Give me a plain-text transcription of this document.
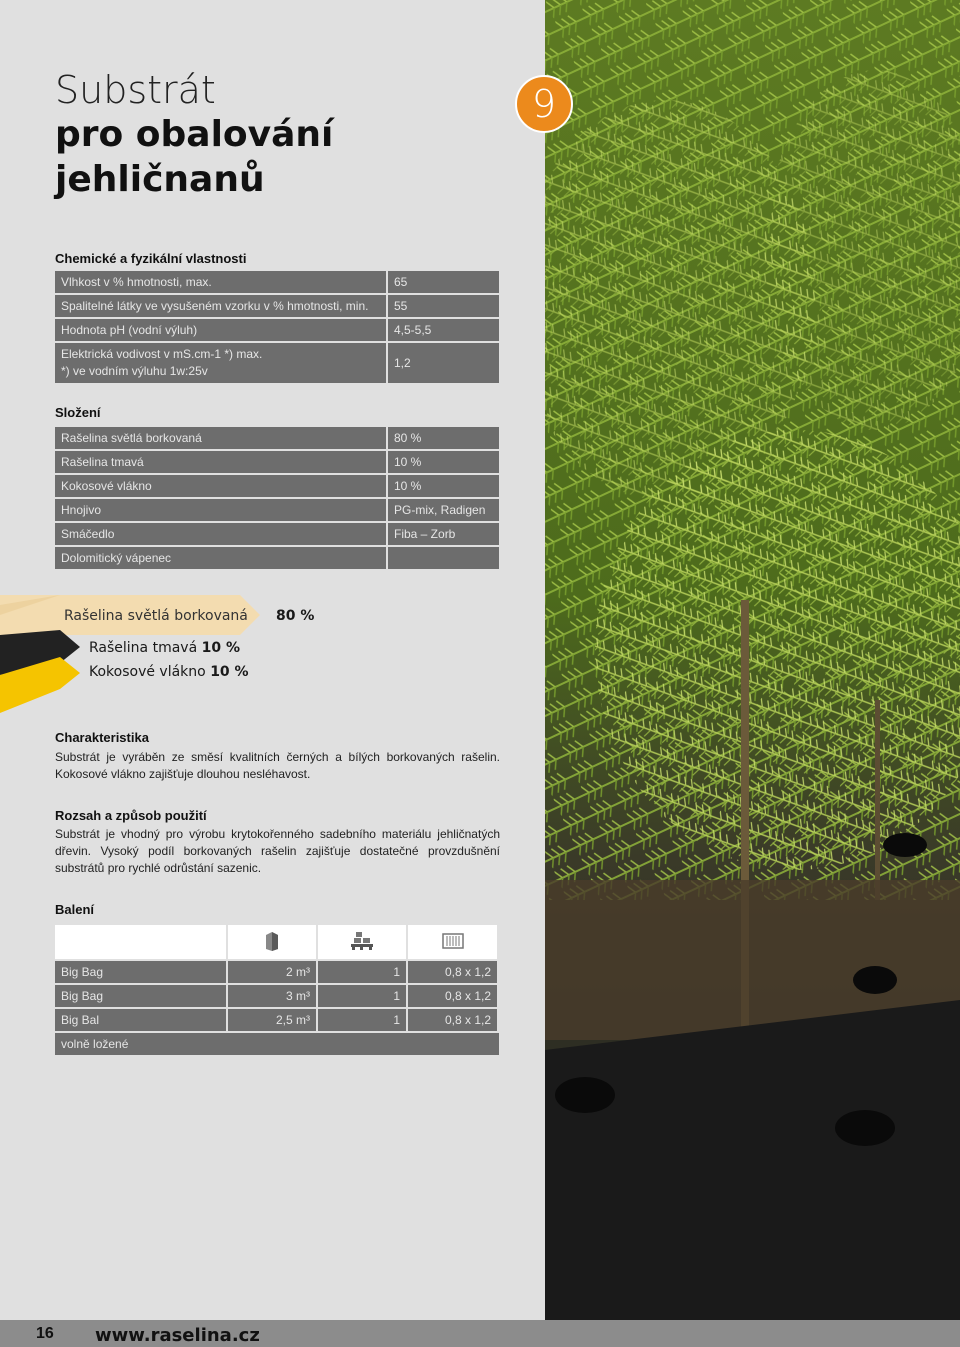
Substrát
pro obalování
jehličnanů
9
Chemické a fyzikální vlastnosti
Vlhkost v % hmotnosti, max.	65
Spalitelné látky ve vysušeném vzorku v % hmotnosti, min.	55
Hodnota pH (vodní výluh)	4,5-5,5

Elektrická vodivost v mS.cm-1 *) max.
*) ve vodním výluhu 1w:25v	1,2
Složení
Rašelina světlá borkovaná	80 %
Rašelina tmavá	10 %
Kokosové vlákno	10 %
Hnojivo	PG-mix, Radigen
Smáčedlo	Fiba – Zorb
Dolomitický vápenec	
Rašelina světlá borkovaná 80 %
Rašelina tmavá 10 %
Kokosové vlákno 10 %
Charakteristika
Substrát je vyráběn ze směsí kvalitních černých a bílých borkovaných rašelin. Kokosové vlákno zajišťuje dlouhou nesléhavost.
Rozsah a způsob použití
Substrát je vhodný pro výrobu krytokořenného sadebního materiálu jehličnatých dřevin. Vysoký podíl borkovaných rašelin zajišťuje dostatečné provzdušnění substrátů pro rychlé odrůstání sazenic.
Balení

Big Bag	2 m³	1	0,8 x 1,2
Big Bag	3 m³	1	0,8 x 1,2
Big Bal	2,5 m³	1	0,8 x 1,2
volně ložené			
16 www.raselina.cz
